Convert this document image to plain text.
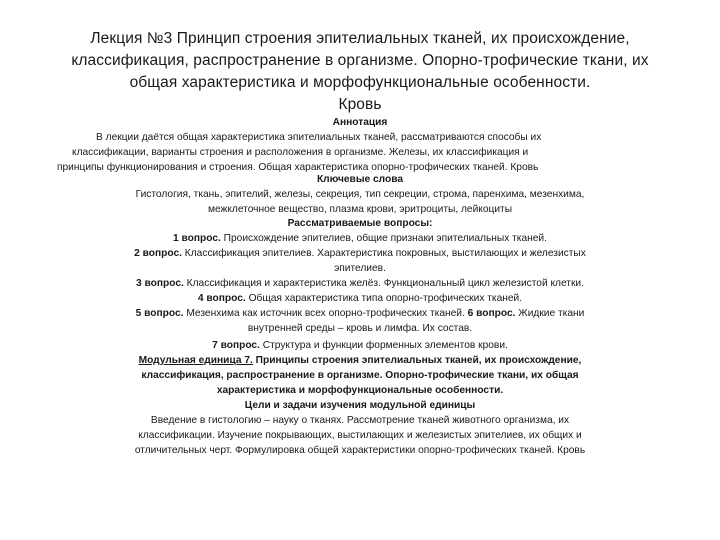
Лекция №3 Принцип строения эпителиальных тканей, их происхождение,
классификация, распространение в организме. Опорно-трофические ткани, их
общая характеристика и морфофункциональные особенности.
Кровь
Аннотация
В лекции даётся общая характеристика эпителиальных тканей, рассматриваются способы их
классификации, варианты строения и расположения в организме. Железы, их классификация и
принципы функционирования и строения. Общая характеристика опорно-трофических тканей. Кровь
Ключевые слова
Гистология, ткань, эпителий, железы, секреция, тип секреции, строма, паренхима, мезенхима,
межклеточное вещество, плазма крови, эритроциты, лейкоциты
Рассматриваемые вопросы:
1 вопрос. Происхождение эпителиев, общие признаки эпителиальных тканей.
2 вопрос. Классификация эпителиев. Характеристика покровных, выстилающих и железистых
эпителиев.
3 вопрос. Классификация и характеристика желёз. Функциональный цикл железистой клетки.
4 вопрос. Общая характеристика типа опорно-трофических тканей.
5 вопрос. Мезенхима как источник всех опорно-трофических тканей. 6 вопрос. Жидкие ткани
внутренней среды – кровь и лимфа. Их состав.
7 вопрос. Структура и функции форменных элементов крови.
Модульная единица 7. Принципы строения эпителиальных тканей, их происхождение,
классификация, распространение в организме. Опорно-трофические ткани, их общая
характеристика и морфофункциональные особенности.
Цели и задачи изучения модульной единицы
Введение в гистологию – науку о тканях. Рассмотрение тканей животного организма, их
классификации. Изучение покрывающих, выстилающих и железистых эпителиев, их общих и
отличительных черт. Формулировка общей характеристики опорно-трофических тканей. Кровь
